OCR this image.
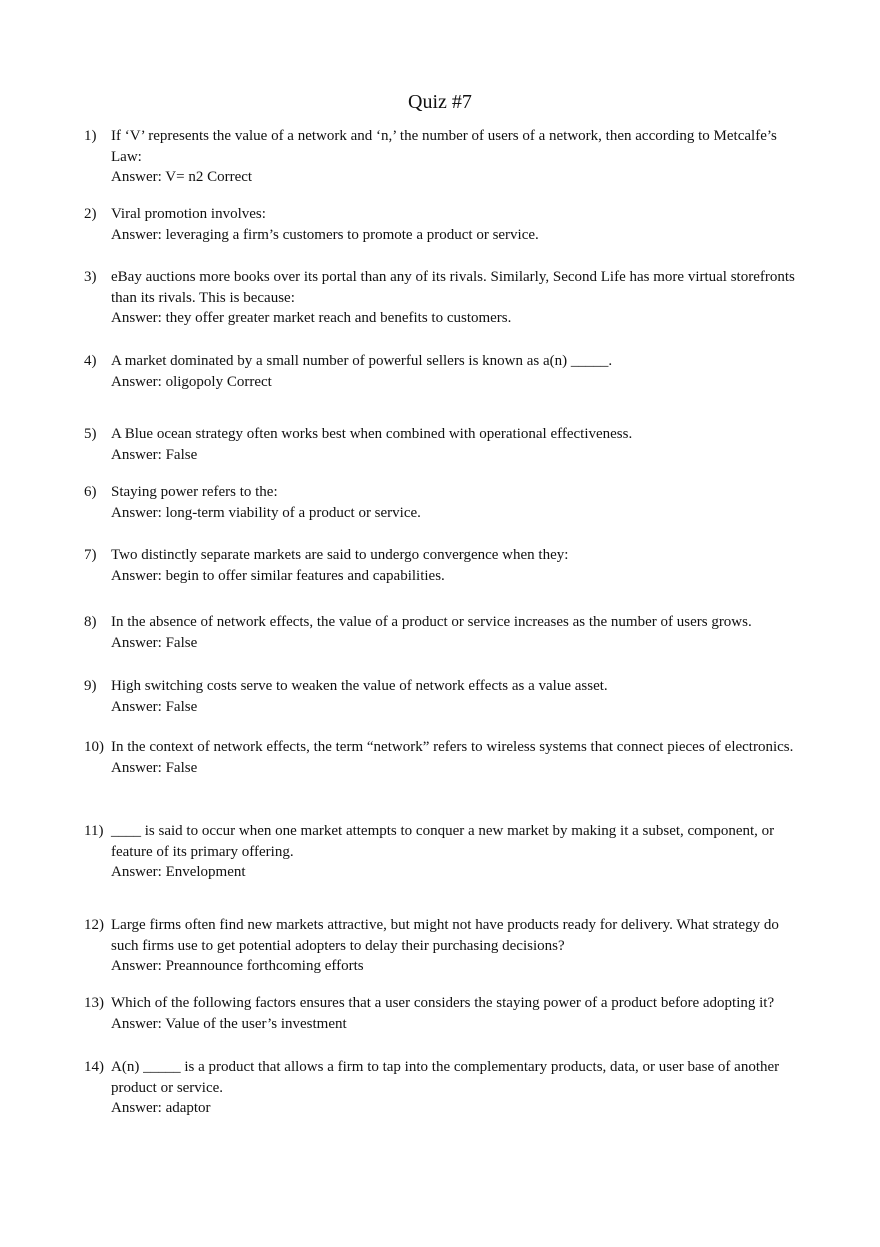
Quiz #7
1) If ‘V’ represents the value of a network and ‘n,’ the number of users of a network, then according to Metcalfe’s Law:
Answer: V= n2 Correct
2) Viral promotion involves:
Answer: leveraging a firm’s customers to promote a product or service.
3) eBay auctions more books over its portal than any of its rivals. Similarly, Second Life has more virtual storefronts than its rivals. This is because:
Answer: they offer greater market reach and benefits to customers.
4) A market dominated by a small number of powerful sellers is known as a(n) _____.
Answer: oligopoly Correct
5) A Blue ocean strategy often works best when combined with operational effectiveness.
Answer: False
6) Staying power refers to the:
Answer: long-term viability of a product or service.
7) Two distinctly separate markets are said to undergo convergence when they:
Answer: begin to offer similar features and capabilities.
8) In the absence of network effects, the value of a product or service increases as the number of users grows.
Answer: False
9) High switching costs serve to weaken the value of network effects as a value asset.
Answer: False
10) In the context of network effects, the term “network” refers to wireless systems that connect pieces of electronics.
Answer: False
11) ____ is said to occur when one market attempts to conquer a new market by making it a subset, component, or feature of its primary offering.
Answer: Envelopment
12) Large firms often find new markets attractive, but might not have products ready for delivery. What strategy do such firms use to get potential adopters to delay their purchasing decisions?
Answer: Preannounce forthcoming efforts
13) Which of the following factors ensures that a user considers the staying power of a product before adopting it?
Answer: Value of the user’s investment
14) A(n) _____ is a product that allows a firm to tap into the complementary products, data, or user base of another product or service.
Answer: adaptor
